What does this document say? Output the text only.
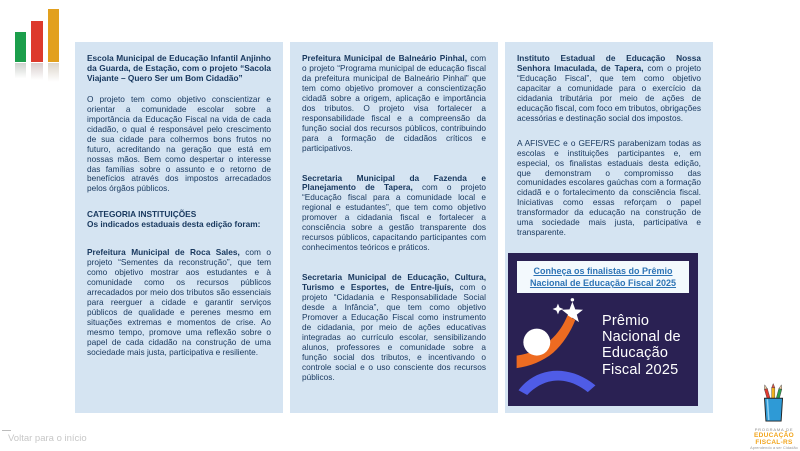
Escola Municipal de Educação Infantil Anjinho da Guarda, de Estação, com o projeto “Sacola Viajante – Quero Ser um Bom Cidadão”

O projeto tem como objetivo conscientizar e orientar a comunidade escolar sobre a importância da Educação Fiscal na vida de cada cidadão, o qual é responsável pelo crescimento de sua cidade para colhermos bons frutos no futuro, acreditando na geração que está em nossas mãos. Bem como despertar o interesse das famílias sobre o assunto e o retorno de benefícios através dos impostos arrecadados pelos órgãos públicos.

CATEGORIA INSTITUIÇÕES

Os indicados estaduais desta edição foram:

Prefeitura Municipal de Roca Sales, com o projeto “Sementes da reconstrução”, que tem como objetivo mostrar aos estudantes e à comunidade como os recursos públicos arrecadados por meio dos tributos são essenciais para reerguer a cidade e garantir serviços públicos de qualidade e perenes mesmo em situações extremas e momentos de crise. Ao mesmo tempo, promove uma reflexão sobre o papel de cada cidadão na construção de uma sociedade mais justa, participativa e resiliente.

Prefeitura Municipal de Balneário Pinhal, com o projeto “Programa municipal de educação fiscal da prefeitura municipal de Balneário Pinhal” que tem como objetivo promover a conscientização cidadã sobre a origem, aplicação e importância dos tributos. O projeto visa fortalecer a responsabilidade fiscal e a compreensão da função social dos recursos públicos, contribuindo para a formação de cidadãos críticos e participativos.

Secretaria Municipal da Fazenda e Planejamento de Tapera, com o projeto “Educação fiscal para a comunidade local e regional e estudantes”, que tem como objetivo promover a cidadania fiscal e fortalecer a consciência sobre a gestão transparente dos recursos públicos, capacitando participantes com conhecimentos teóricos e práticos.

Secretaria Municipal de Educação, Cultura, Turismo e Esportes, de Entre-Ijuís, com o projeto “Cidadania e Responsabilidade Social desde a Infância”, que tem como objetivo Promover a Educação Fiscal como instrumento de cidadania, por meio de ações educativas integradas ao currículo escolar, sensibilizando alunos, professores e comunidade sobre a função social dos tributos, e incentivando o controle social e o uso consciente dos recursos públicos.

Instituto Estadual de Educação Nossa Senhora Imaculada, de Tapera, com o projeto “Educação Fiscal”, que tem como objetivo capacitar a comunidade para o exercício da cidadania tributária por meio de ações de educação fiscal, com foco em tributos, obrigações acessórias e destinação social dos impostos.

A AFISVEC e o GEFE/RS parabenizam todas as escolas e instituições participantes e, em especial, os finalistas estaduais desta edição, que demonstram o compromisso das comunidades escolares gaúchas com a formação cidadã e o fortalecimento da consciência fiscal. Iniciativas como essas reforçam o papel transformador da educação na construção de uma sociedade mais justa, participativa e transparente.

Conheça os finalistas do Prêmio Nacional de Educação Fiscal 2025
Prêmio
Nacional de
Educação
Fiscal 2025
Voltar para o início
PROGRAMA DE
EDUCAÇÃO
FISCAL-RS
Aprendendo a ser Cidadão
